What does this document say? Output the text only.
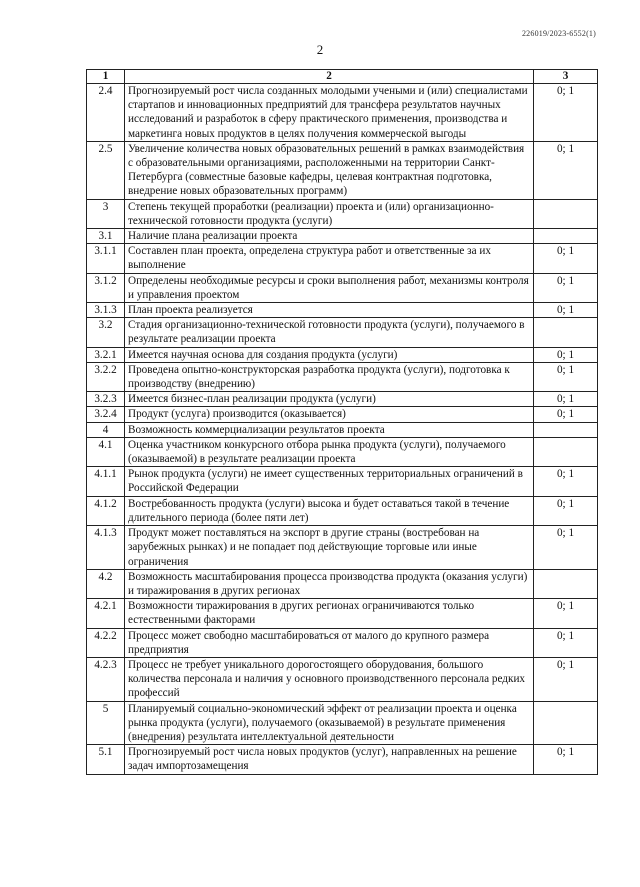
226019/2023-6552(1)
2
1	2	3
2.4	Прогнозируемый рост числа созданных молодыми учеными и (или) специалистами стартапов и инновационных предприятий для трансфера результатов научных исследований и разработок в сферу практического применения, производства и маркетинга новых продуктов в целях получения коммерческой выгоды	0; 1
2.5	Увеличение количества новых образовательных решений в рамках взаимодействия с образовательными организациями, расположенными на территории Санкт-Петербурга (совместные базовые кафедры, целевая контрактная подготовка, внедрение новых образовательных программ)	0; 1
3	Степень текущей проработки (реализации) проекта и (или) организационно-технической готовности продукта (услуги)	
3.1	Наличие плана реализации проекта	
3.1.1	Составлен план проекта, определена структура работ и ответственные за их выполнение	0; 1
3.1.2	Определены необходимые ресурсы и сроки выполнения работ, механизмы контроля и управления проектом	0; 1
3.1.3	План проекта реализуется	0; 1
3.2	Стадия организационно-технической готовности продукта (услуги), получаемого в результате реализации проекта	
3.2.1	Имеется научная основа для создания продукта (услуги)	0; 1
3.2.2	Проведена опытно-конструкторская разработка продукта (услуги), подготовка к производству (внедрению)	0; 1
3.2.3	Имеется бизнес-план реализации продукта (услуги)	0; 1
3.2.4	Продукт (услуга) производится (оказывается)	0; 1
4	Возможность коммерциализации результатов проекта	
4.1	Оценка участником конкурсного отбора рынка продукта (услуги), получаемого (оказываемой) в результате реализации проекта	
4.1.1	Рынок продукта (услуги) не имеет существенных территориальных ограничений в Российской Федерации	0; 1
4.1.2	Востребованность продукта (услуги) высока и будет оставаться такой в течение длительного периода (более пяти лет)	0; 1
4.1.3	Продукт может поставляться на экспорт в другие страны (востребован на зарубежных рынках) и не попадает под действующие торговые или иные ограничения	0; 1
4.2	Возможность масштабирования процесса производства продукта (оказания услуги) и тиражирования в других регионах	
4.2.1	Возможности тиражирования в других регионах ограничиваются только естественными факторами	0; 1
4.2.2	Процесс может свободно масштабироваться от малого до крупного размера предприятия	0; 1
4.2.3	Процесс не требует уникального дорогостоящего оборудования, большого количества персонала и наличия у основного производственного персонала редких профессий	0; 1
5	Планируемый социально-экономический эффект от реализации проекта и оценка рынка продукта (услуги), получаемого (оказываемой) в результате применения (внедрения) результата интеллектуальной деятельности	
5.1	Прогнозируемый рост числа новых продуктов (услуг), направленных на решение задач импортозамещения	0; 1
